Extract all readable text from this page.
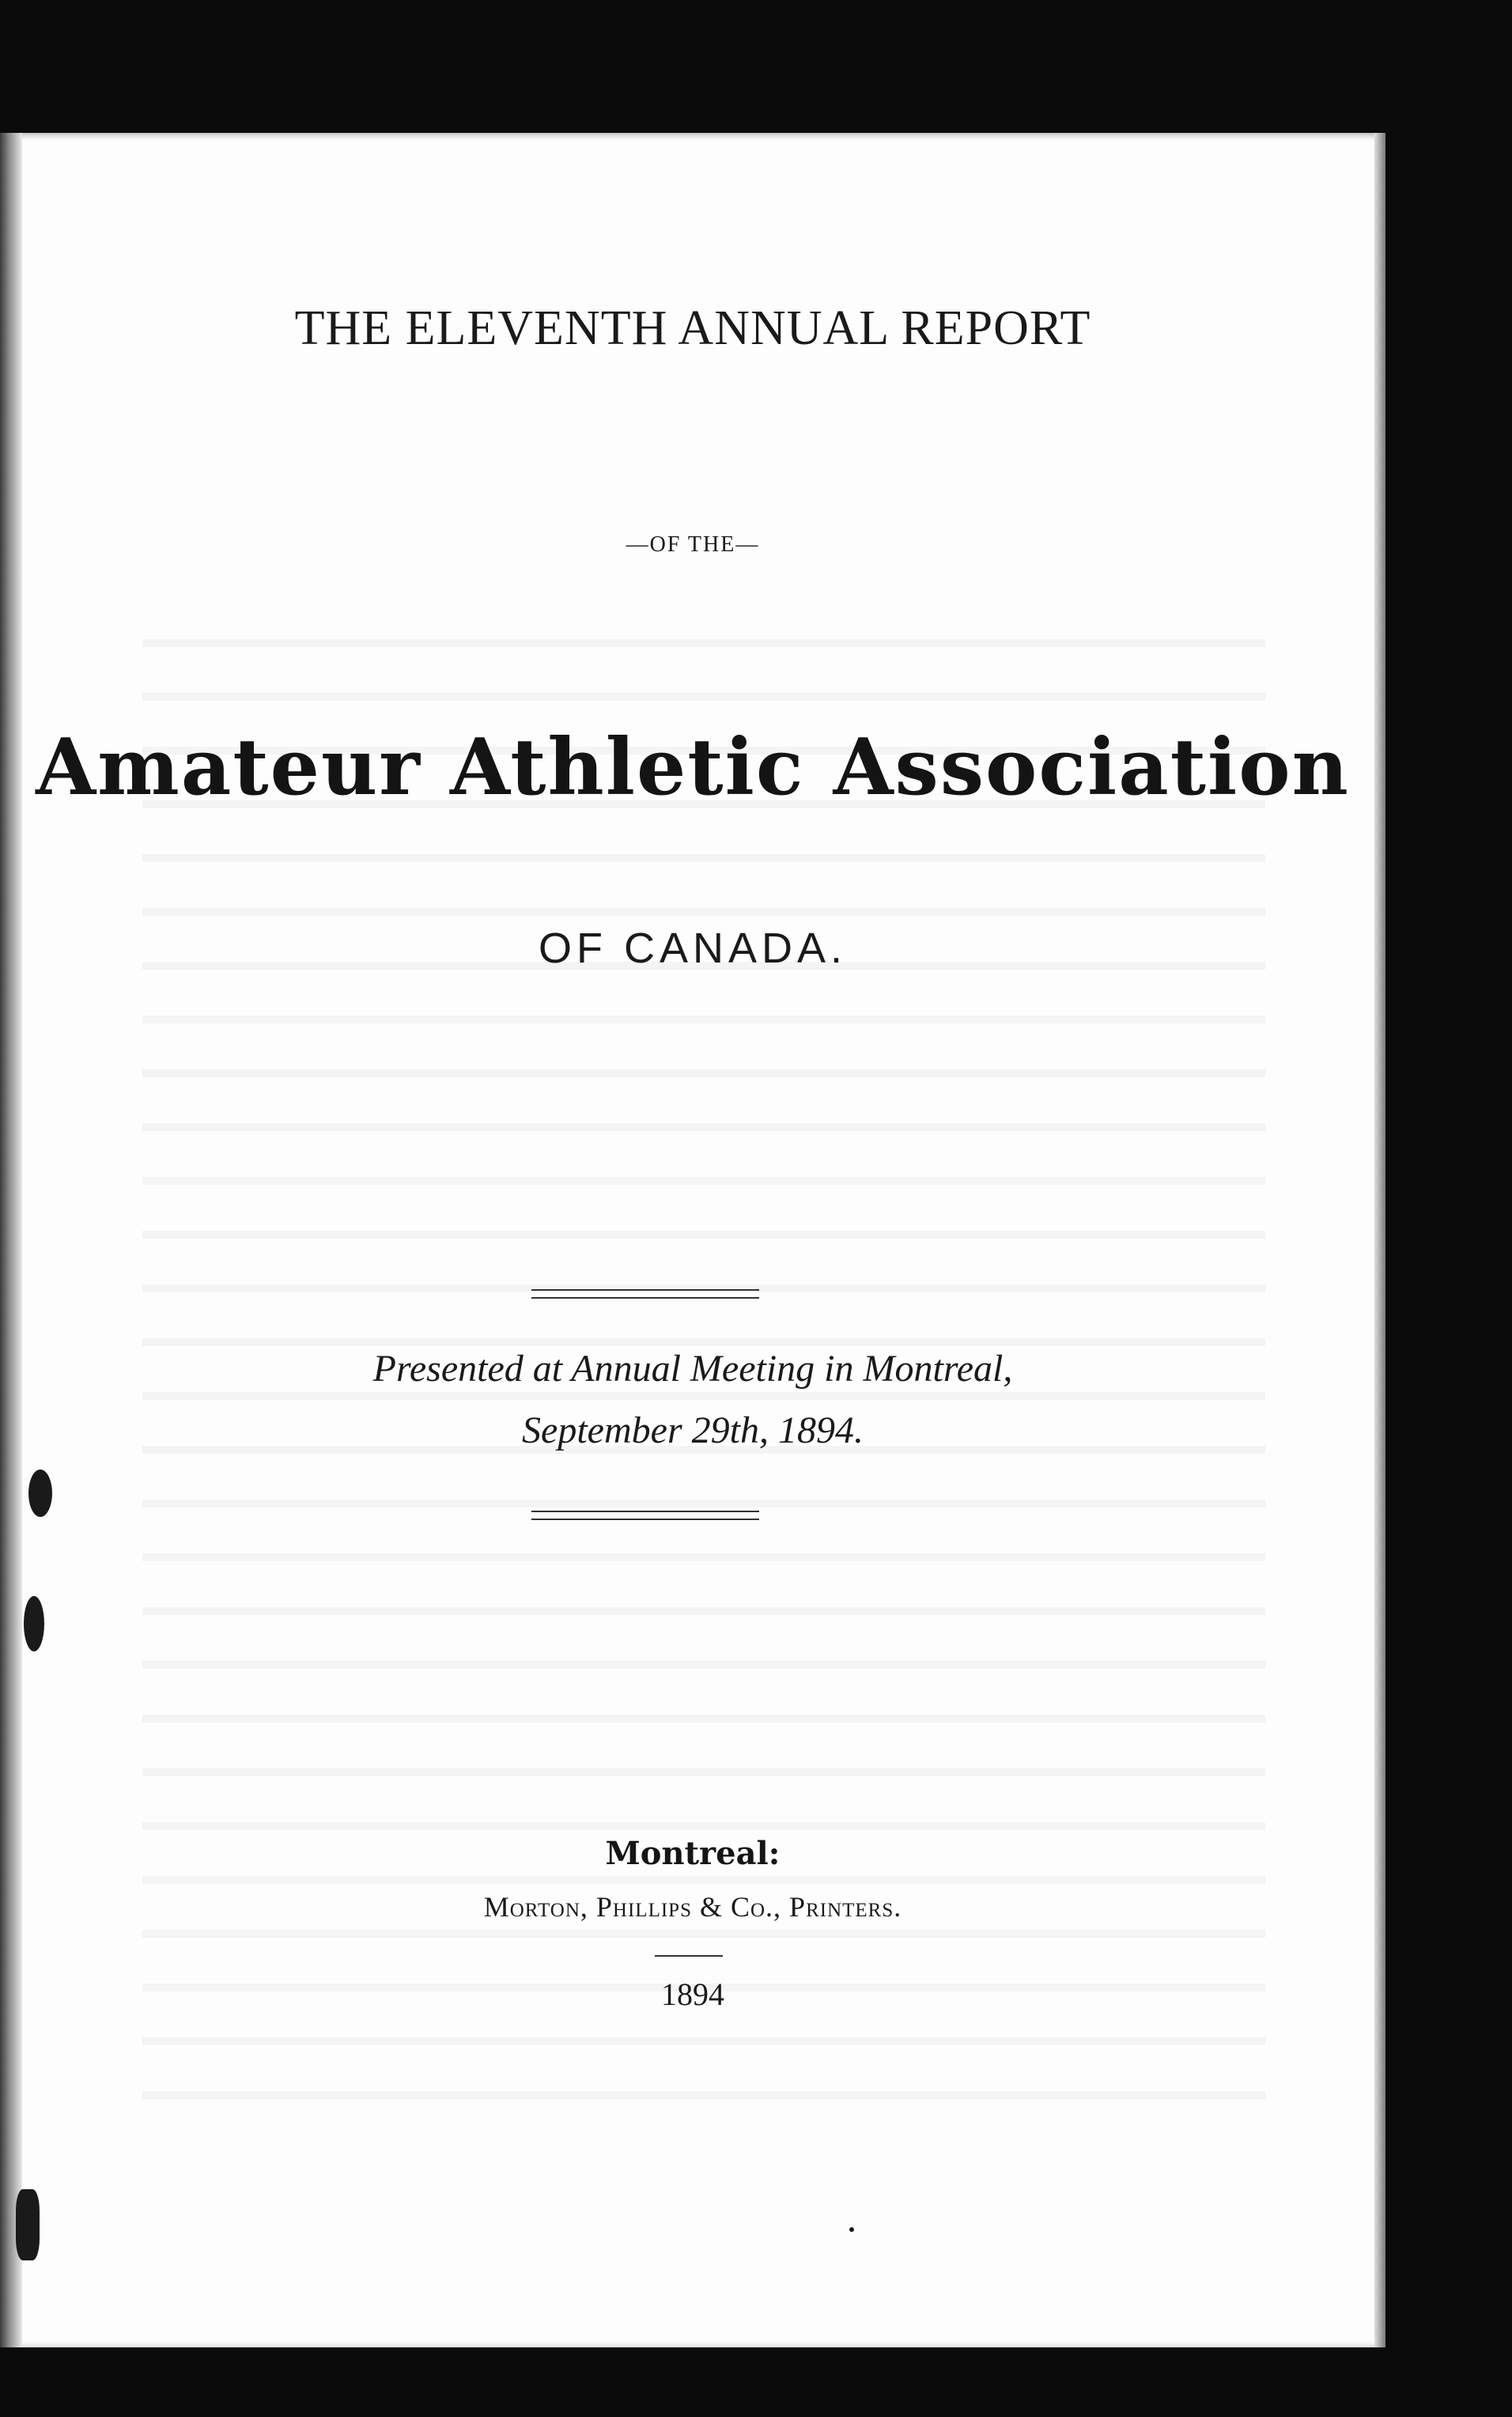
THE ELEVENTH ANNUAL REPORT
—OF THE—
Amateur Athletic Association
OF CANADA.
Presented at Annual Meeting in Montreal,
September 29th, 1894.
Montreal:
Morton, Phillips & Co., Printers.
1894
